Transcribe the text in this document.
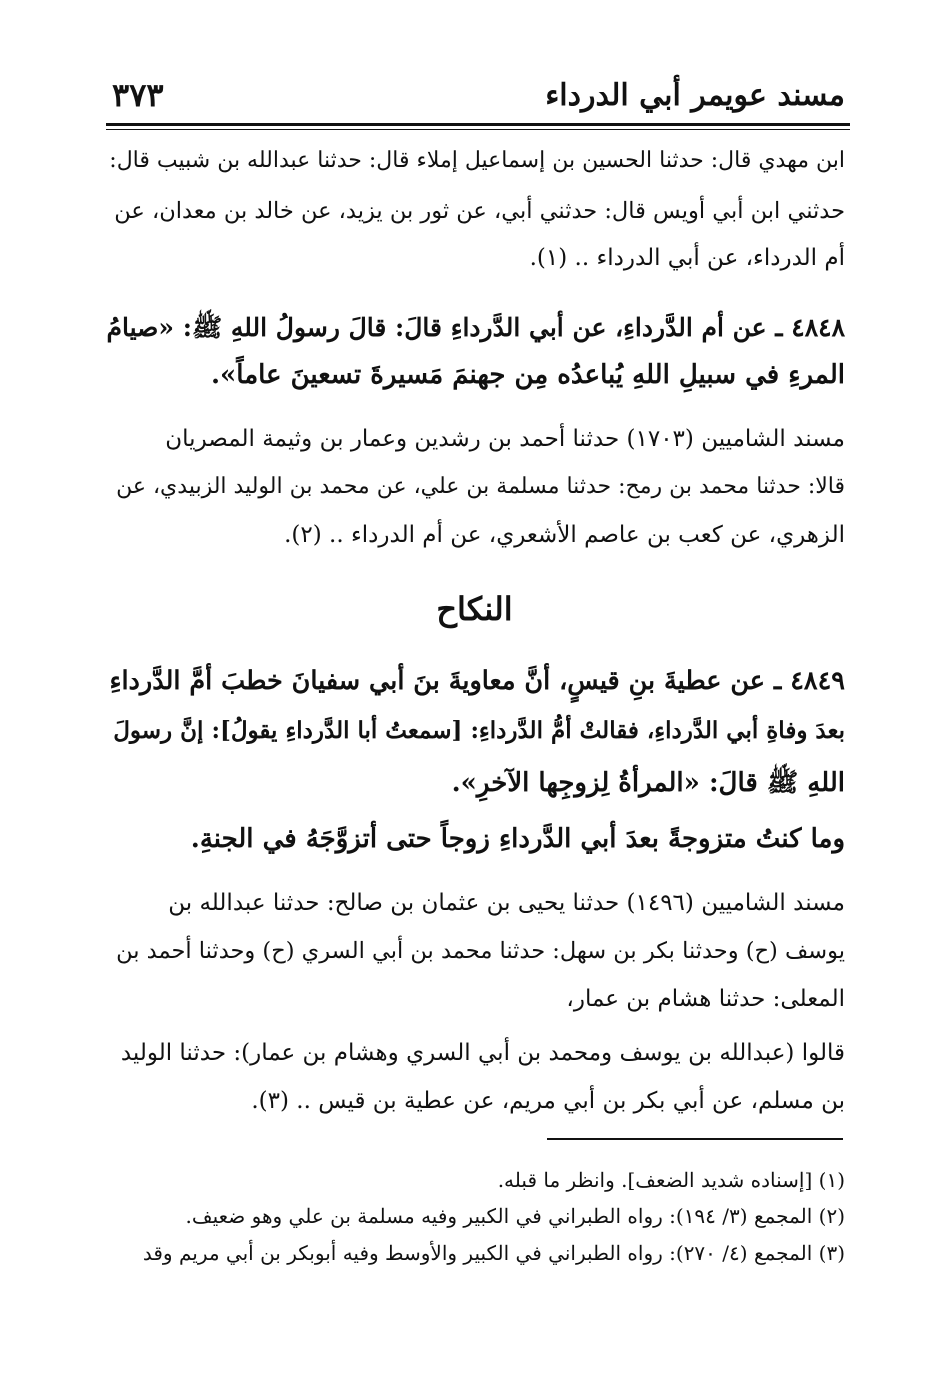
مسند عويمر أبي الدرداء
٣٧٣
ابن مهدي قال: حدثنا الحسين بن إسماعيل إملاء قال: حدثنا عبدالله بن شبيب قال:
حدثني ابن أبي أويس قال: حدثني أبي، عن ثور بن يزيد، عن خالد بن معدان، عن
أم الدرداء، عن أبي الدرداء .. (١).
٤٨٤٨ ـ عن أم الدَّرداءِ، عن أبي الدَّرداءِ قالَ: قالَ رسولُ اللهِ ﷺ: «صيامُ
المرءِ في سبيلِ اللهِ يُباعدُه مِن جهنمَ مَسيرةَ تسعينَ عاماً».
مسند الشاميين (١٧٠٣) حدثنا أحمد بن رشدين وعمار بن وثيمة المصريان
قالا: حدثنا محمد بن رمح: حدثنا مسلمة بن علي، عن محمد بن الوليد الزبيدي، عن
الزهري، عن كعب بن عاصم الأشعري، عن أم الدرداء .. (٢).
النكاح
٤٨٤٩ ـ عن عطيةَ بنِ قيسٍ، أنَّ معاويةَ بنَ أبي سفيانَ خطبَ أمَّ الدَّرداءِ
بعدَ وفاةِ أبي الدَّرداءِ، فقالتْ أمُّ الدَّرداءِ: [سمعتُ أبا الدَّرداءِ يقولُ]: إنَّ رسولَ
اللهِ ﷺ قالَ: «المرأةُ لِزوجِها الآخرِ».
وما كنتُ متزوجةً بعدَ أبي الدَّرداءِ زوجاً حتى أتزوَّجَهُ في الجنةِ.
مسند الشاميين (١٤٩٦) حدثنا يحيى بن عثمان بن صالح: حدثنا عبدالله بن
يوسف (ح) وحدثنا بكر بن سهل: حدثنا محمد بن أبي السري (ح) وحدثنا أحمد بن
المعلى: حدثنا هشام بن عمار،
قالوا (عبدالله بن يوسف ومحمد بن أبي السري وهشام بن عمار): حدثنا الوليد
بن مسلم، عن أبي بكر بن أبي مريم، عن عطية بن قيس .. (٣).
(١) [إسناده شديد الضعف]. وانظر ما قبله.
(٢) المجمع (٣/ ١٩٤): رواه الطبراني في الكبير وفيه مسلمة بن علي وهو ضعيف.
(٣) المجمع (٤/ ٢٧٠): رواه الطبراني في الكبير والأوسط وفيه أبوبكر بن أبي مريم وقد
